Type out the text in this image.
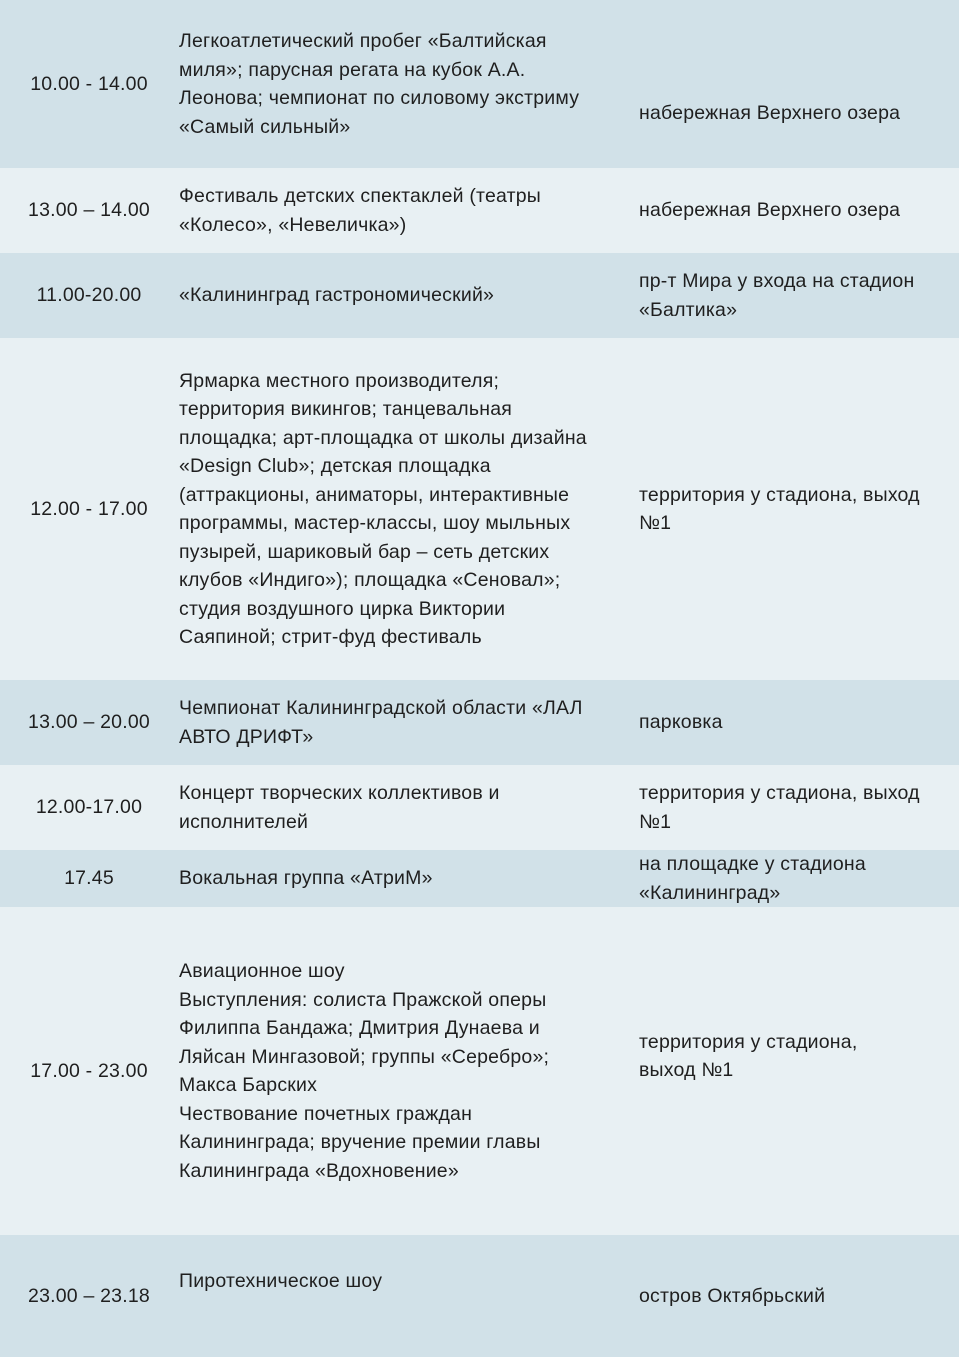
10.00 - 14.00
Легкоатлетический пробег «Балтийская
миля»; парусная регата на кубок А.А.
Леонова; чемпионат по силовому экстриму
«Самый сильный»
набережная Верхнего озера
13.00 – 14.00
Фестиваль детских спектаклей (театры
«Колесо», «Невеличка»)
набережная Верхнего озера
11.00-20.00	«Калининград гастрономический»
пр-т Мира у входа на стадион
«Балтика»
12.00 - 17.00
Ярмарка местного производителя;
территория викингов; танцевальная
площадка; арт-площадка от школы дизайна
«Design Club»; детская площадка
(аттракционы, аниматоры, интерактивные
программы, мастер-классы, шоу мыльных
пузырей, шариковый бар – сеть детских
клубов «Индиго»); площадка «Сеновал»;
студия воздушного цирка Виктории
Саяпиной; стрит-фуд фестиваль
территория у стадиона, выход
№1
13.00 – 20.00
Чемпионат Калининградской области «ЛАЛ
АВТО ДРИФТ»
парковка
12.00-17.00
Концерт творческих коллективов и
исполнителей
территория у стадиона, выход
№1
17.45	Вокальная группа «АтриМ»
на площадке у стадиона
«Калининград»
17.00 - 23.00
Авиационное шоу
Выступления: солиста Пражской оперы
Филиппа Бандажа; Дмитрия Дунаева и
Ляйсан Мингазовой; группы «Серебро»;
Макса Барских
Чествование почетных граждан
Калининграда; вручение премии главы
Калининграда «Вдохновение»
территория у стадиона,
выход №1
23.00 – 23.18
Пиротехническое шоу
остров Октябрьский
